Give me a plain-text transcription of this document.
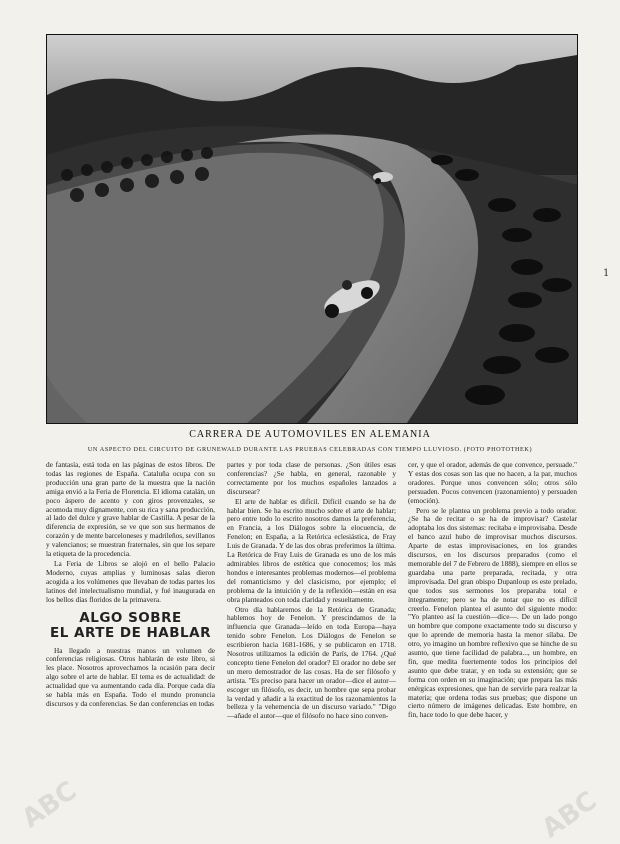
ABC	ABC
CARRERA DE AUTOMOVILES EN ALEMANIA
UN ASPECTO DEL CIRCUITO DE GRUNEWALD DURANTE LAS PRUEBAS CELEBRADAS CON TIEMPO LLUVIOSO. (FOTO PHOTOTHEK)

de fantasía, está toda en las páginas de estos libros. De todas las regiones de España. Cataluña ocupa con su producción una gran parte de la muestra que la nación amiga envió a la Feria de Florencia. El idioma catalán, un poco áspero de acento y con giros provenzales, se acomoda muy dignamente, con su rica y sana producción, al lado del dulce y grave hablar de Castilla. A pesar de la diferencia de expresión, se ve que son sus hermanos de corazón y de mente barceloneses y madrileños, sevillanos y valencianos; se muestran fraternales, sin que los separe la etiqueta de la procedencia.

La Feria de Libros se alojó en el bello Palacio Moderno, cuyas amplias y luminosas salas dieron acogida a los volúmenes que llevaban de todas partes los latinos del intelectualismo mundial, y fué inaugurada en los bellos días floridos de la primavera.

ALGO SOBRE
EL ARTE DE HABLAR

Ha llegado a nuestras manos un volumen de conferencias religiosas. Otros hablarán de este libro, si les place. Nosotros aprovechamos la ocasión para decir algo sobre el arte de hablar. El tema es de actualidad: de actualidad que va aumentando cada día. Porque cada día se habla más en España. Todo el mundo pronuncia discursos y da conferencias. Se dan conferencias en todas

partes y por toda clase de personas. ¿Son útiles esas conferencias? ¿Se habla, en general, razonable y correctamente por los muchos españoles lanzados a discursear?

El arte de hablar es difícil. Difícil cuando se ha de hablar bien. Se ha escrito mucho sobre el arte de hablar; pero entre todo lo escrito nosotros damos la preferencia, en Francia, a los Diálogos sobre la elocuencia, de Fenelon; en España, a la Retórica eclesiástica, de Fray Luis de Granada. Y de las dos obras preferimos la última. La Retórica de Fray Luis de Granada es uno de los más admirables libros de estética que conocemos; los más hondos e interesantes problemas modernos—el problema del romanticismo y del clasicismo, por ejemplo; el problema de la intuición y de la reflexión—están en esa obra planteados con toda claridad y resueltamente.

Otro día hablaremos de la Retórica de Granada; hablemos hoy de Fenelon. Y prescindamos de la influencia que Granada—leído en toda Europa—haya tenido sobre Fenelon. Los Diálogos de Fenelon se escribieron hacia 1681-1686, y se publicaron en 1718. Nosotros utilizamos la edición de París, de 1764. ¿Qué concepto tiene Fenelon del orador? El orador no debe ser un mero demostrador de las cosas. Ha de ser filósofo y artista. "Es preciso para hacer un orador—dice el autor—escoger un filósofo, es decir, un hombre que sepa probar la verdad y añadir a la exactitud de los razonamientos la belleza y la vehemencia de un discurso variado." "Digo—añade el autor—que el filósofo no hace sino conven-

cer, y que el orador, además de que convence, persuade." Y estas dos cosas son las que no hacen, a la par, muchos oradores. Porque unos convencen sólo; otros sólo persuaden. Pocos convencen (razonamiento) y persuaden (emoción).

Pero se le plantea un problema previo a todo orador. ¿Se ha de recitar o se ha de improvisar? Castelar adoptaba los dos sistemas: recitaba e improvisaba. Desde el banco azul hubo de improvisar muchos discursos. Aparte de estas improvisaciones, en los grandes discursos, en los discursos preparados (como el memorable del 7 de Febrero de 1888), siempre en ellos se guardaba una parte preparada, recitada, y otra improvisada. Del gran obispo Dupanloup es este prelado, que todos sus sermones los preparaba total e íntegramente; pero se ha de notar que no es difícil creerlo. Fenelon plantea el asunto del siguiente modo: "Yo planteo así la cuestión—dice—. De un lado pongo un hombre que compone exactamente todo su discurso y que lo aprende de memoria hasta la menor sílaba. De otro, yo imagino un hombre reflexivo que se hinche de su asunto, que tiene facilidad de palabra..., un hombre, en fin, que medita fuertemente todos los principios del asunto que debe tratar, y en toda su extensión; que se forma con orden en su imaginación; que prepara las más enérgicas expresiones, que han de servirle para realzar la materia; que ordena todas sus pruebas; que dispone un cierto número de imágenes delicadas. Este hombre, en fin, hace todo lo que debe hacer, y

1
